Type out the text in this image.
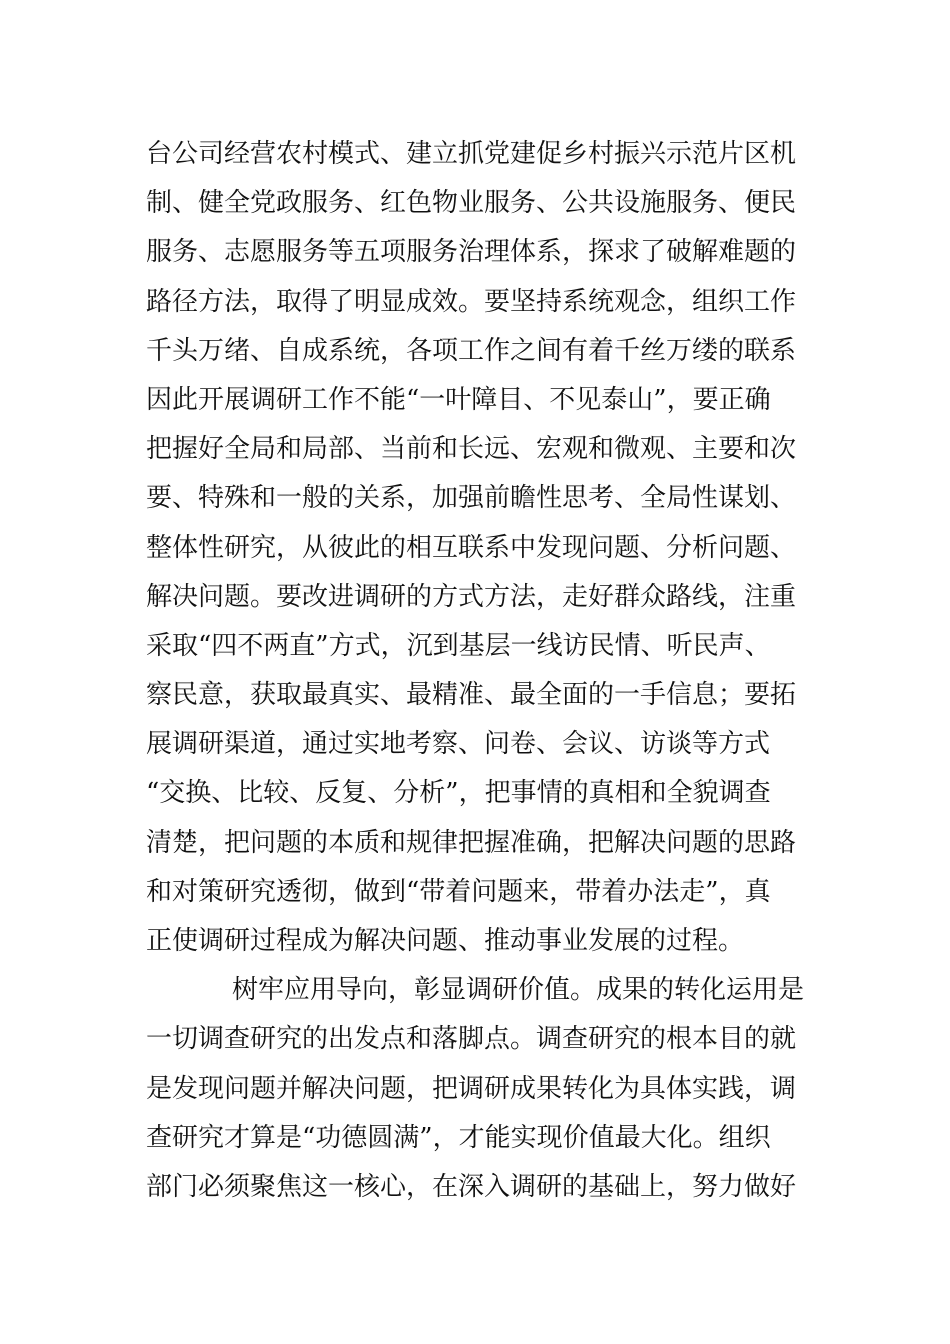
台公司经营农村模式、建立抓党建促乡村振兴示范片区机
制、健全党政服务、红色物业服务、公共设施服务、便民
服务、志愿服务等五项服务治理体系，探求了破解难题的
路径方法，取得了明显成效。要坚持系统观念，组织工作
千头万绪、自成系统，各项工作之间有着千丝万缕的联系
因此开展调研工作不能“一叶障目、不见泰山”，要正确
把握好全局和局部、当前和长远、宏观和微观、主要和次
要、特殊和一般的关系，加强前瞻性思考、全局性谋划、
整体性研究，从彼此的相互联系中发现问题、分析问题、
解决问题。要改进调研的方式方法，走好群众路线，注重
采取“四不两直”方式，沉到基层一线访民情、听民声、
察民意，获取最真实、最精准、最全面的一手信息；要拓
展调研渠道，通过实地考察、问卷、会议、访谈等方式
“交换、比较、反复、分析”，把事情的真相和全貌调查
清楚，把问题的本质和规律把握准确，把解决问题的思路
和对策研究透彻，做到“带着问题来，带着办法走”，真
正使调研过程成为解决问题、推动事业发展的过程。
树牢应用导向，彰显调研价值。成果的转化运用是
一切调查研究的出发点和落脚点。调查研究的根本目的就
是发现问题并解决问题，把调研成果转化为具体实践，调
查研究才算是“功德圆满”，才能实现价值最大化。组织
部门必须聚焦这一核心，在深入调研的基础上，努力做好
